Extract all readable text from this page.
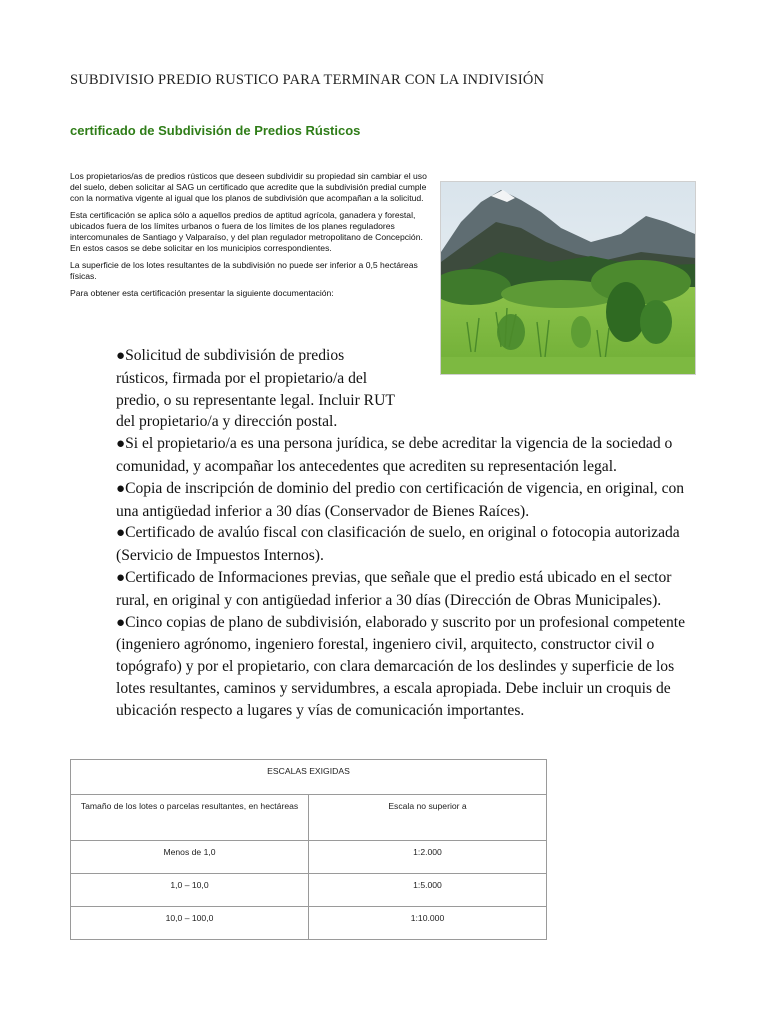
SUBDIVISIO PREDIO RUSTICO PARA TERMINAR CON LA INDIVISIÓN
certificado de Subdivisión de Predios Rústicos

Los propietarios/as de predios rústicos que deseen subdividir su propiedad sin cambiar el uso del suelo, deben solicitar al SAG un certificado que acredite que la subdivisión predial cumple con la normativa vigente al igual que los planos de subdivisión que acompañan a la solicitud.

Esta certificación se aplica sólo a aquellos predios de aptitud agrícola, ganadera y forestal, ubicados fuera de los límites urbanos o fuera de los límites de los planes reguladores intercomunales de Santiago y Valparaíso, y del plan regulador metropolitano de Concepción. En estos casos se debe solicitar en los municipios correspondientes.

La superficie de los lotes resultantes de la subdivisión no puede ser inferior a 0,5 hectáreas físicas.

Para obtener esta certificación presentar la siguiente documentación:

●Solicitud de subdivisión de predios rústicos, firmada por el propietario/a del predio, o su representante legal. Incluir RUT del propietario/a y dirección postal.
●Si el propietario/a es una persona jurídica, se debe acreditar la vigencia de la sociedad o comunidad, y acompañar los antecedentes que acrediten su representación legal.
●Copia de inscripción de dominio del predio con certificación de vigencia, en original, con una antigüedad inferior a 30 días (Conservador de Bienes Raíces).
●Certificado de avalúo fiscal con clasificación de suelo, en original o fotocopia autorizada (Servicio de Impuestos Internos).
●Certificado de Informaciones previas, que señale que el predio está ubicado en el sector rural, en original y con antigüedad inferior a 30 días (Dirección de Obras Municipales).
●Cinco copias de plano de subdivisión, elaborado y suscrito por un profesional competente (ingeniero agrónomo, ingeniero forestal, ingeniero civil, arquitecto, constructor civil o topógrafo) y por el propietario, con clara demarcación de los deslindes y superficie de los lotes resultantes, caminos y servidumbres, a escala apropiada. Debe incluir un croquis de ubicación respecto a lugares y vías de comunicación importantes.
ESCALAS EXIGIDAS	
Tamaño de los lotes o parcelas resultantes, en hectáreas	Escala no superior a
Menos de 1,0	1:2.000
1,0 – 10,0	1:5.000
10,0 – 100,0	1:10.000
